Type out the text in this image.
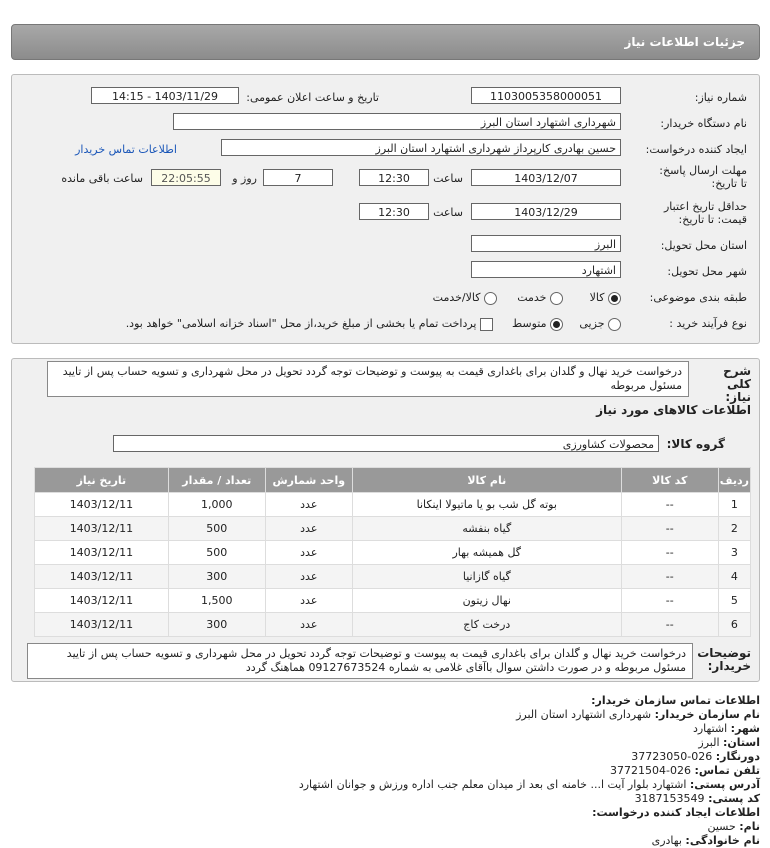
جزئیات اطلاعات نیاز
شماره نیاز:
1103005358000051
تاریخ و ساعت اعلان عمومی:
1403/11/29 - 14:15
نام دستگاه خریدار:
شهرداری اشتهارد استان البرز
ایجاد کننده درخواست:
حسین بهادری کارپرداز شهرداری اشتهارد استان البرز
اطلاعات تماس خریدار
مهلت ارسال پاسخ: تا تاریخ:
1403/12/07
ساعت
12:30
7
روز و
22:05:55
ساعت باقی مانده
حداقل تاریخ اعتبار قیمت: تا تاریخ:
1403/12/29
ساعت
12:30
استان محل تحویل:
البرز
شهر محل تحویل:
اشتهارد
طبقه بندی موضوعی:
کالا
خدمت
کالا/خدمت
نوع فرآیند خرید :
جزیی
متوسط
پرداخت تمام یا بخشی از مبلغ خرید،از محل "اسناد خزانه اسلامی" خواهد بود.
شرح کلی نیاز:
درخواست خرید نهال و گلدان برای باغداری قیمت به پیوست و توضیحات توجه گردد تحویل در محل شهرداری و تسویه حساب پس از تایید مسئول مربوطه
اطلاعات کالاهای مورد نیاز
گروه کالا:
محصولات کشاورزی
ردیف	کد کالا	نام کالا	واحد شمارش	تعداد / مقدار	تاریخ نیاز
1	--	بوته گل شب بو یا ماتیولا اینکانا	عدد	1,000	1403/12/11
2	--	گیاه بنفشه	عدد	500	1403/12/11
3	--	گل همیشه بهار	عدد	500	1403/12/11
4	--	گیاه گازانیا	عدد	300	1403/12/11
5	--	نهال زیتون	عدد	1,500	1403/12/11
6	--	درخت کاج	عدد	300	1403/12/11
توضیحات خریدار:
درخواست خرید نهال و گلدان برای باغداری قیمت به پیوست و توضیحات توجه گردد تحویل در محل شهرداری و تسویه حساب پس از تایید مسئول مربوطه و در صورت داشتن سوال باآقای غلامی به شماره 09127673524 هماهنگ گردد
اطلاعات تماس سازمان خریدار:
نام سازمان خریدار: شهرداری اشتهارد استان البرز
شهر: اشتهارد
استان: البرز
دورنگار: 026-37723050
تلفن تماس: 026-37721504
آدرس پستی: اشتهارد بلوار آیت ا... خامنه ای بعد از میدان معلم جنب اداره ورزش و جوانان اشتهارد
کد پستی: 3187153549
اطلاعات ایجاد کننده درخواست:
نام: حسین
نام خانوادگی: بهادری
